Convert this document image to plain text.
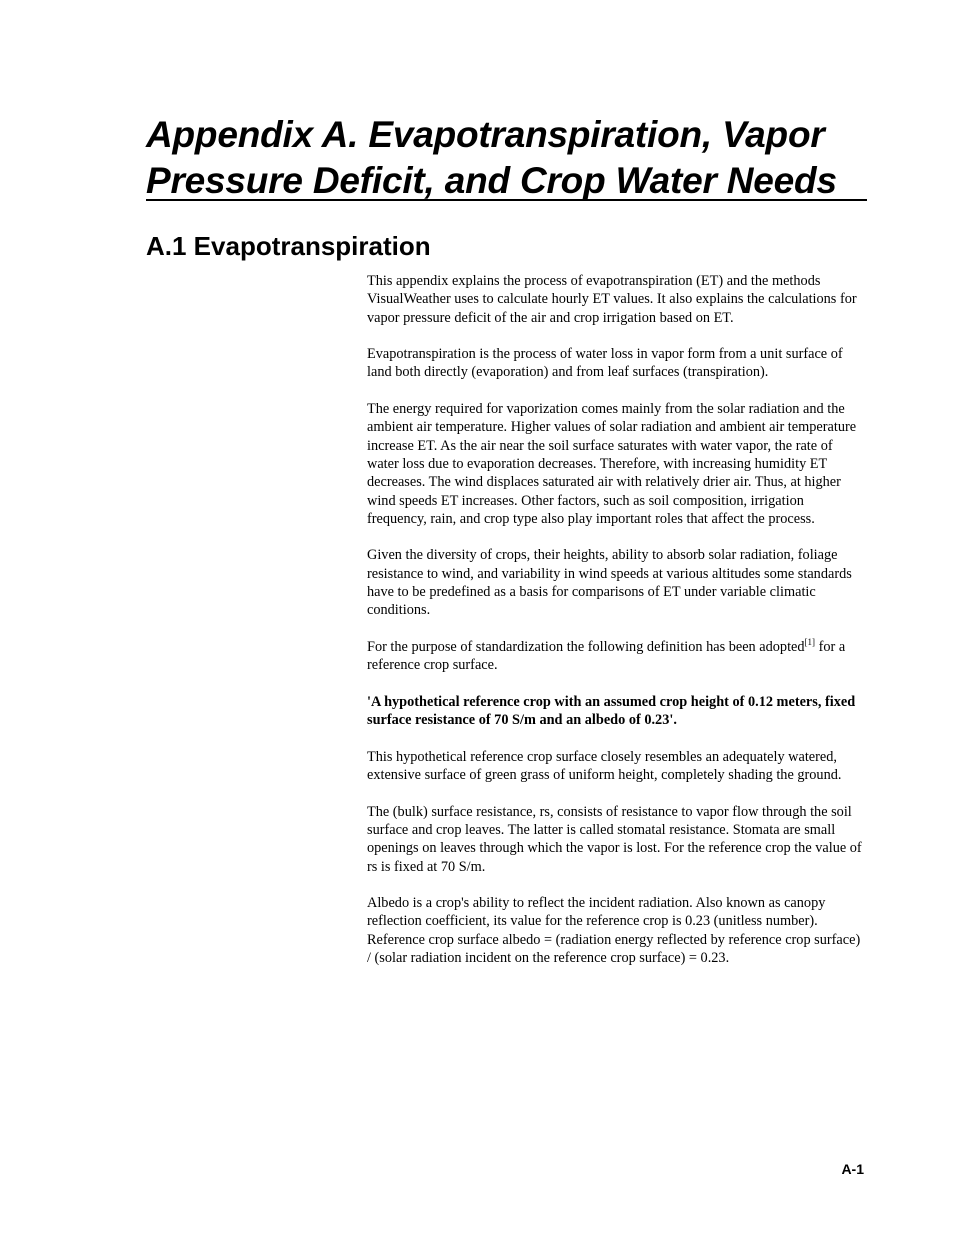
Appendix A. Evapotranspiration, Vapor Pressure Deficit, and Crop Water Needs
A.1 Evapotranspiration

This appendix explains the process of evapotranspiration (ET) and the methods VisualWeather uses to calculate hourly ET values. It also explains the calculations for vapor pressure deficit of the air and crop irrigation based on ET.

Evapotranspiration is the process of water loss in vapor form from a unit surface of land both directly (evaporation) and from leaf surfaces (transpiration).

The energy required for vaporization comes mainly from the solar radiation and the ambient air temperature. Higher values of solar radiation and ambient air temperature increase ET. As the air near the soil surface saturates with water vapor, the rate of water loss due to evaporation decreases. Therefore, with increasing humidity ET decreases. The wind displaces saturated air with relatively drier air. Thus, at higher wind speeds ET increases. Other factors, such as soil composition, irrigation frequency, rain, and crop type also play important roles that affect the process.

Given the diversity of crops, their heights, ability to absorb solar radiation, foliage resistance to wind, and variability in wind speeds at various altitudes some standards have to be predefined as a basis for comparisons of ET under variable climatic conditions.

For the purpose of standardization the following definition has been adopted[1] for a reference crop surface.

'A hypothetical reference crop with an assumed crop height of 0.12 meters, fixed surface resistance of 70 S/m and an albedo of 0.23'.

This hypothetical reference crop surface closely resembles an adequately watered, extensive surface of green grass of uniform height, completely shading the ground.

The (bulk) surface resistance, rs, consists of resistance to vapor flow through the soil surface and crop leaves. The latter is called stomatal resistance. Stomata are small openings on leaves through which the vapor is lost. For the reference crop the value of rs is fixed at 70 S/m.

Albedo is a crop's ability to reflect the incident radiation. Also known as canopy reflection coefficient, its value for the reference crop is 0.23 (unitless number). Reference crop surface albedo = (radiation energy reflected by reference crop surface) / (solar radiation incident on the reference crop surface) = 0.23.

A-1
